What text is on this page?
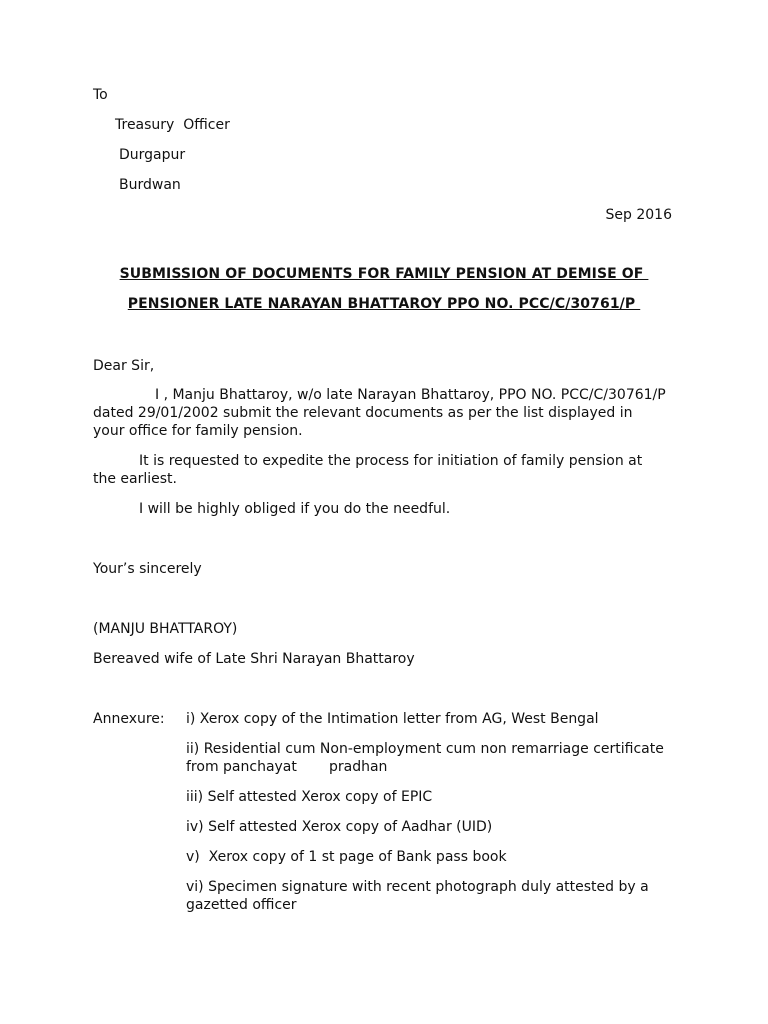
To
Treasury  Officer
Durgapur
Burdwan
Sep 2016
SUBMISSION OF DOCUMENTS FOR FAMILY PENSION AT DEMISE OF
PENSIONER LATE NARAYAN BHATTAROY PPO NO. PCC/C/30761/P
Dear Sir,
I , Manju Bhattaroy, w/o late Narayan Bhattaroy, PPO NO. PCC/C/30761/P
dated 29/01/2002 submit the relevant documents as per the list displayed in
your office for family pension.
It is requested to expedite the process for initiation of family pension at
the earliest.
I will be highly obliged if you do the needful.
Your’s sincerely
(MANJU BHATTAROY)
Bereaved wife of Late Shri Narayan Bhattaroy
Annexure: i) Xerox copy of the Intimation letter from AG, West Bengal
ii) Residential cum Non-employment cum non remarriage certificate
from panchayat pradhan
iii) Self attested Xerox copy of EPIC
iv) Self attested Xerox copy of Aadhar (UID)
v)  Xerox copy of 1 st page of Bank pass book
vi) Specimen signature with recent photograph duly attested by a
gazetted officer
